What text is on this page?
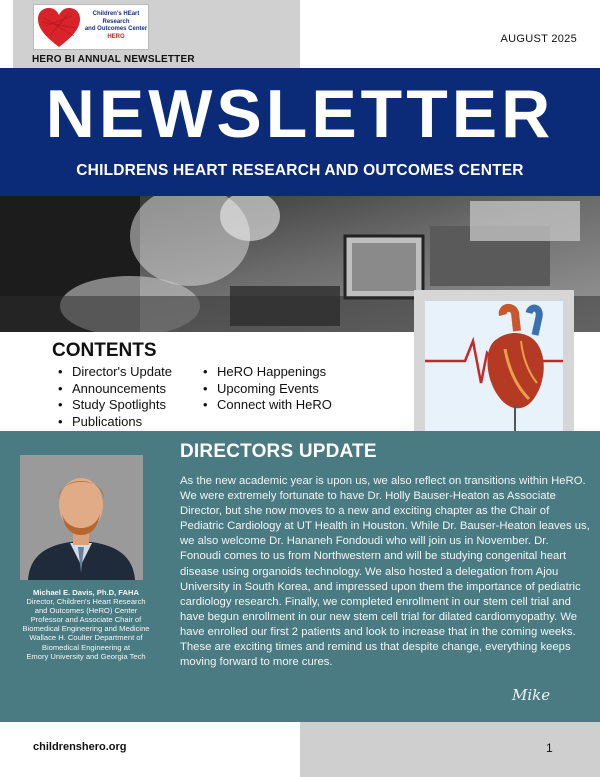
Children's HEart
Research
and Outcomes Center
HERO
HERO BI ANNUAL NEWSLETTER
AUGUST 2025
NEWSLETTER
CHILDRENS HEART RESEARCH AND OUTCOMES CENTER
CONTENTS
• Director's Update
• Announcements
• Study Spotlights
• Publications
• HeRO Happenings
• Upcoming Events
• Connect with HeRO
Michael E. Davis, Ph.D, FAHA
Director, Children's Heart Research
and Outcomes (HeRO) Center
Professor and Associate Chair of
Biomedical Engineering and Medicine
Wallace H. Coulter Department of
Biomedical Engineering at
Emory University and Georgia Tech
DIRECTORS UPDATE
As the new academic year is upon us, we also reflect on transitions within HeRO. We were extremely fortunate to have Dr. Holly Bauser-Heaton as Associate Director, but she now moves to a new and exciting chapter as the Chair of Pediatric Cardiology at UT Health in Houston. While Dr. Bauser-Heaton leaves us, we also welcome Dr. Hananeh Fondoudi who will join us in November. Dr. Fonoudi comes to us from Northwestern and will be studying congenital heart disease using organoids technology. We also hosted a delegation from Ajou University in South Korea, and impressed upon them the importance of pediatric cardiology research. Finally, we completed enrollment in our stem cell trial and have begun enrollment in our new stem cell trial for dilated cardiomyopathy. We have enrolled our first 2 patients and look to increase that in the coming weeks. These are exciting times and remind us that despite change, everything keeps moving forward to more cures.
Mike
childrenshero.org	1
